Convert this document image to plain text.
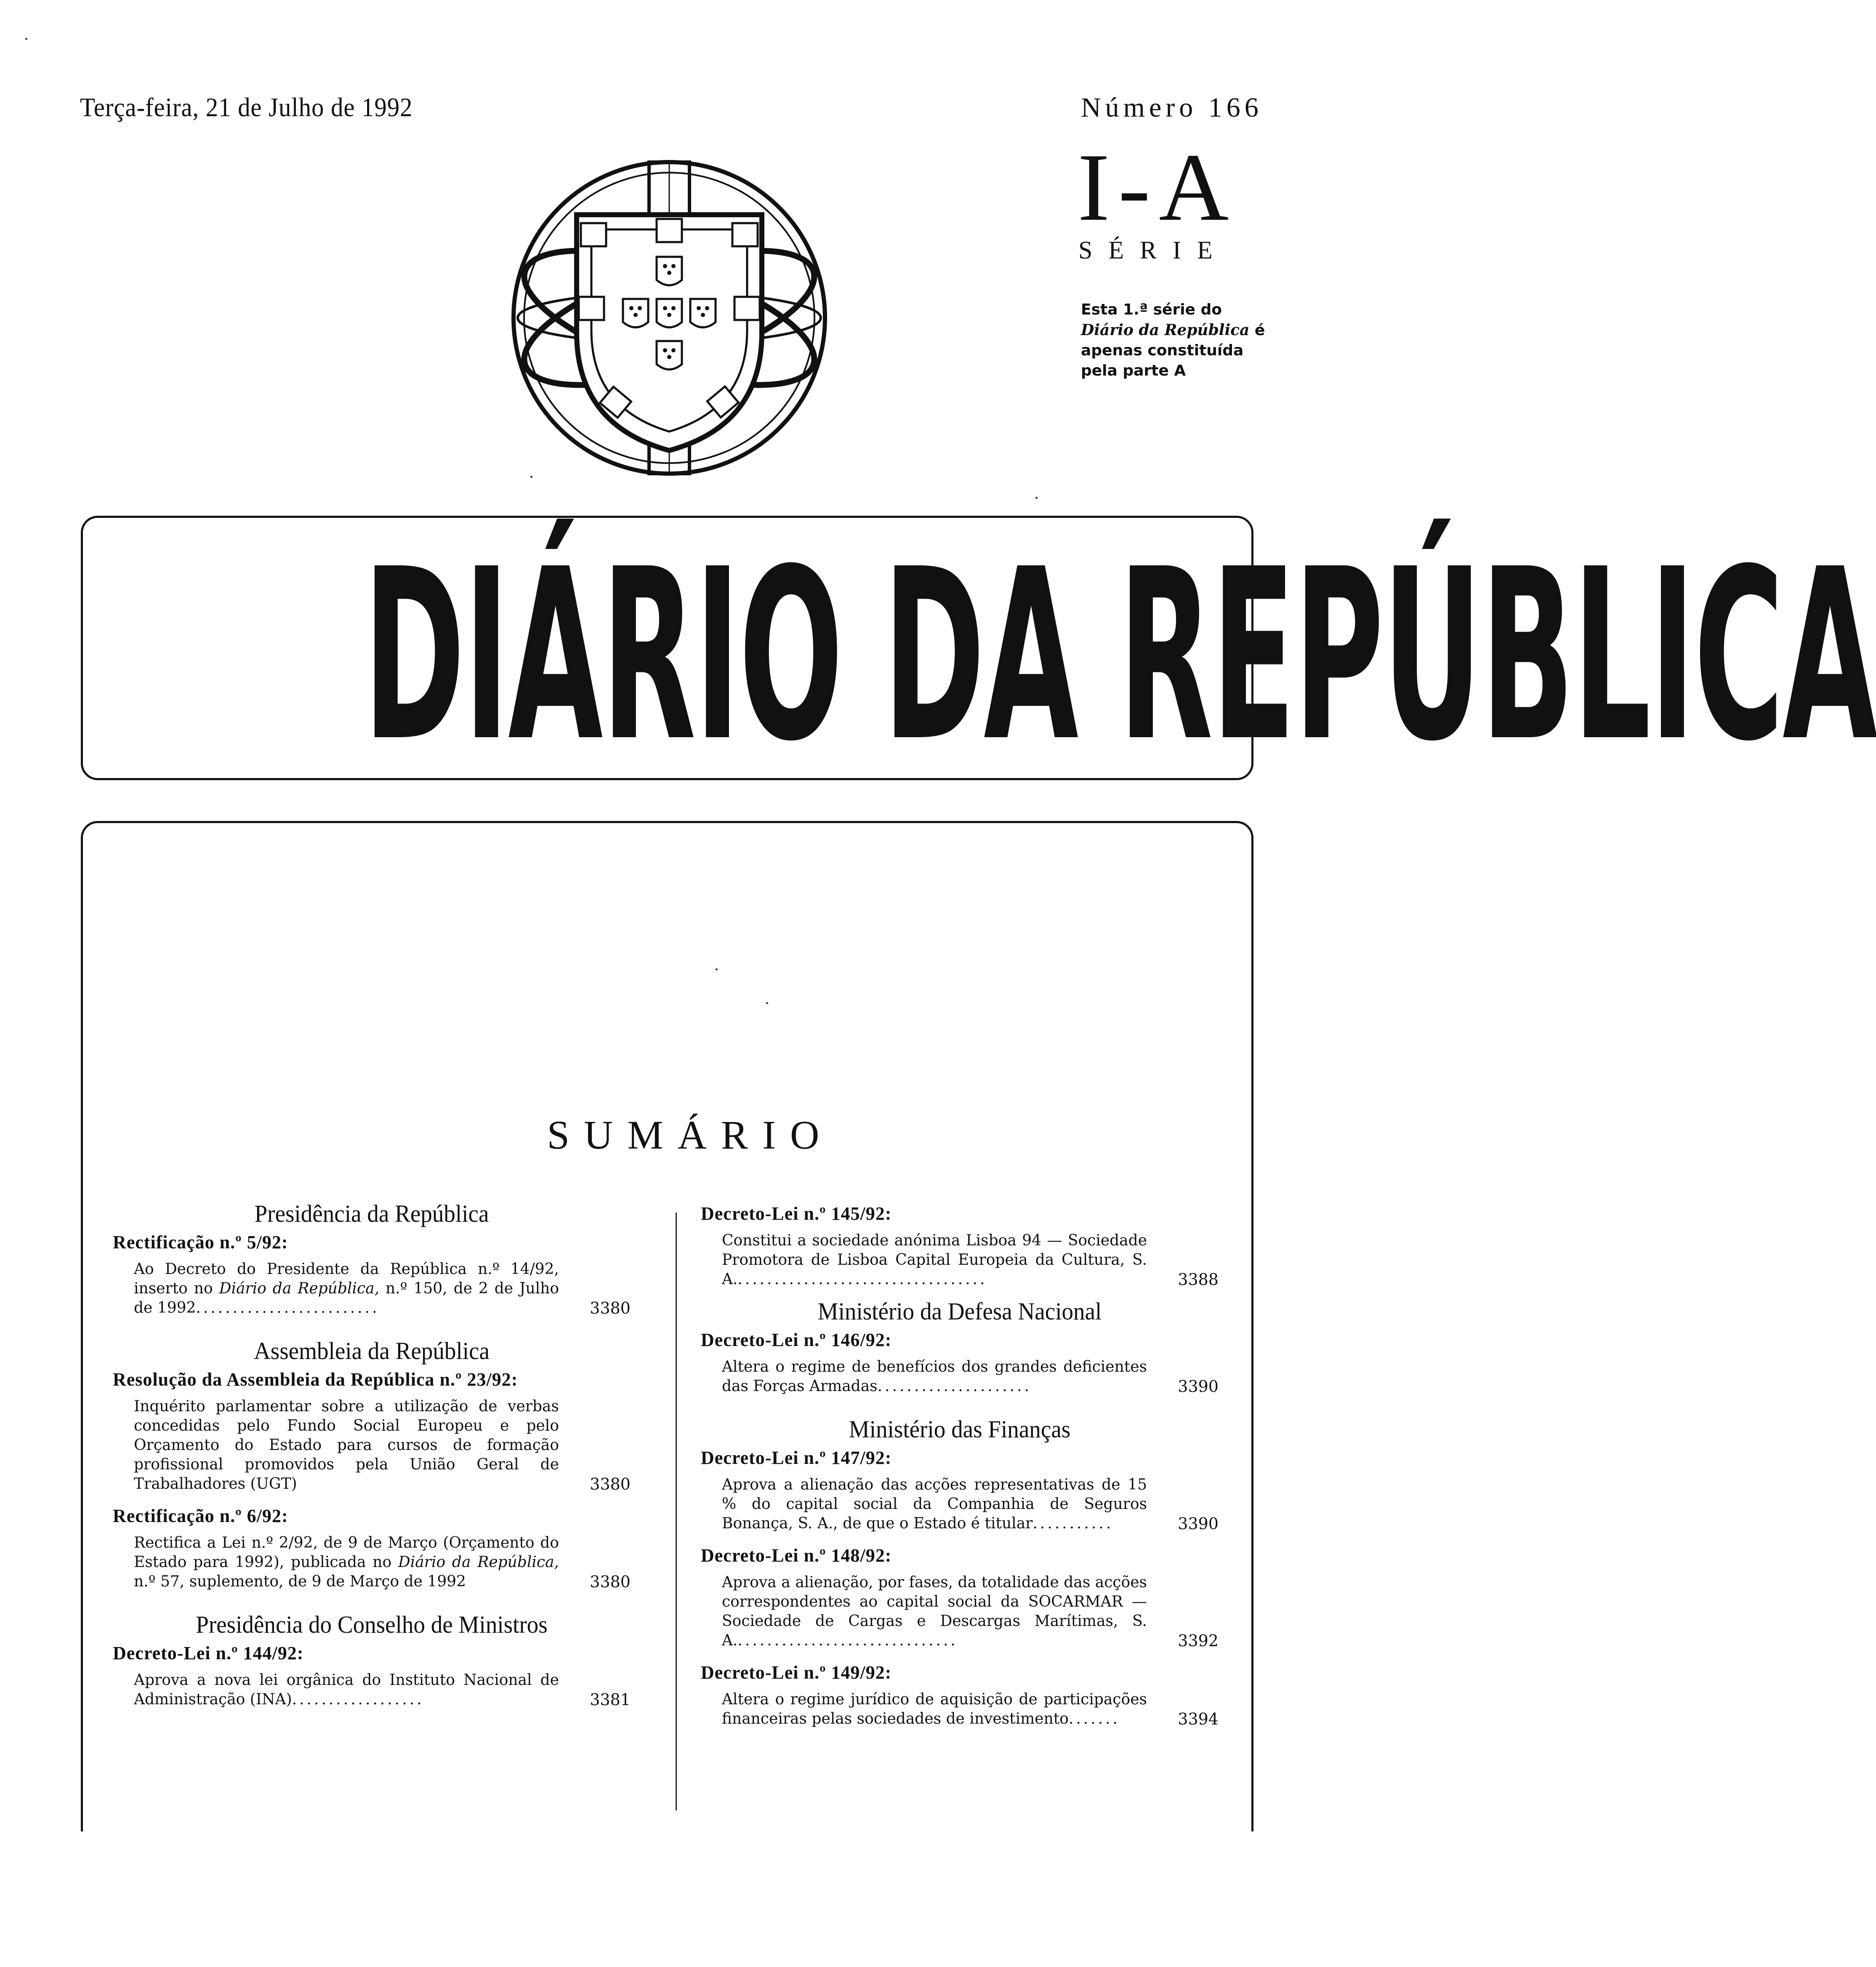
Terça-feira, 21 de Julho de 1992	Número 166
I-A
SÉRIE
Esta 1.ª série do Diário da República é apenas constituída pela parte A
DIÁRIO DA REPÚBLICA
SUMÁRIO
Presidência da República
Rectificação n.º 5/92:
Ao Decreto do Presidente da República n.º 14/92, inserto no Diário da República, n.º 150, de 2 de Julho de 1992.........................	3380
Assembleia da República
Resolução da Assembleia da República n.º 23/92:
Inquérito parlamentar sobre a utilização de verbas concedidas pelo Fundo Social Europeu e pelo Orçamento do Estado para cursos de formação profissional promovidos pela União Geral de Trabalhadores (UGT)	3380
Rectificação n.º 6/92:
Rectifica a Lei n.º 2/92, de 9 de Março (Orçamento do Estado para 1992), publicada no Diário da República, n.º 57, suplemento, de 9 de Março de 1992	3380
Presidência do Conselho de Ministros
Decreto-Lei n.º 144/92:
Aprova a nova lei orgânica do Instituto Nacional de Administração (INA)..................	3381
Decreto-Lei n.º 145/92:
Constitui a sociedade anónima Lisboa 94 — Sociedade Promotora de Lisboa Capital Europeia da Cultura, S. A...................................	3388
Ministério da Defesa Nacional
Decreto-Lei n.º 146/92:
Altera o regime de benefícios dos grandes deficientes das Forças Armadas.....................	3390
Ministério das Finanças
Decreto-Lei n.º 147/92:
Aprova a alienação das acções representativas de 15 % do capital social da Companhia de Seguros Bonança, S. A., de que o Estado é titular...........	3390
Decreto-Lei n.º 148/92:
Aprova a alienação, por fases, da totalidade das acções correspondentes ao capital social da SOCARMAR — Sociedade de Cargas e Descargas Marítimas, S. A...............................	3392
Decreto-Lei n.º 149/92:
Altera o regime jurídico de aquisição de participações financeiras pelas sociedades de investimento.......	3394
